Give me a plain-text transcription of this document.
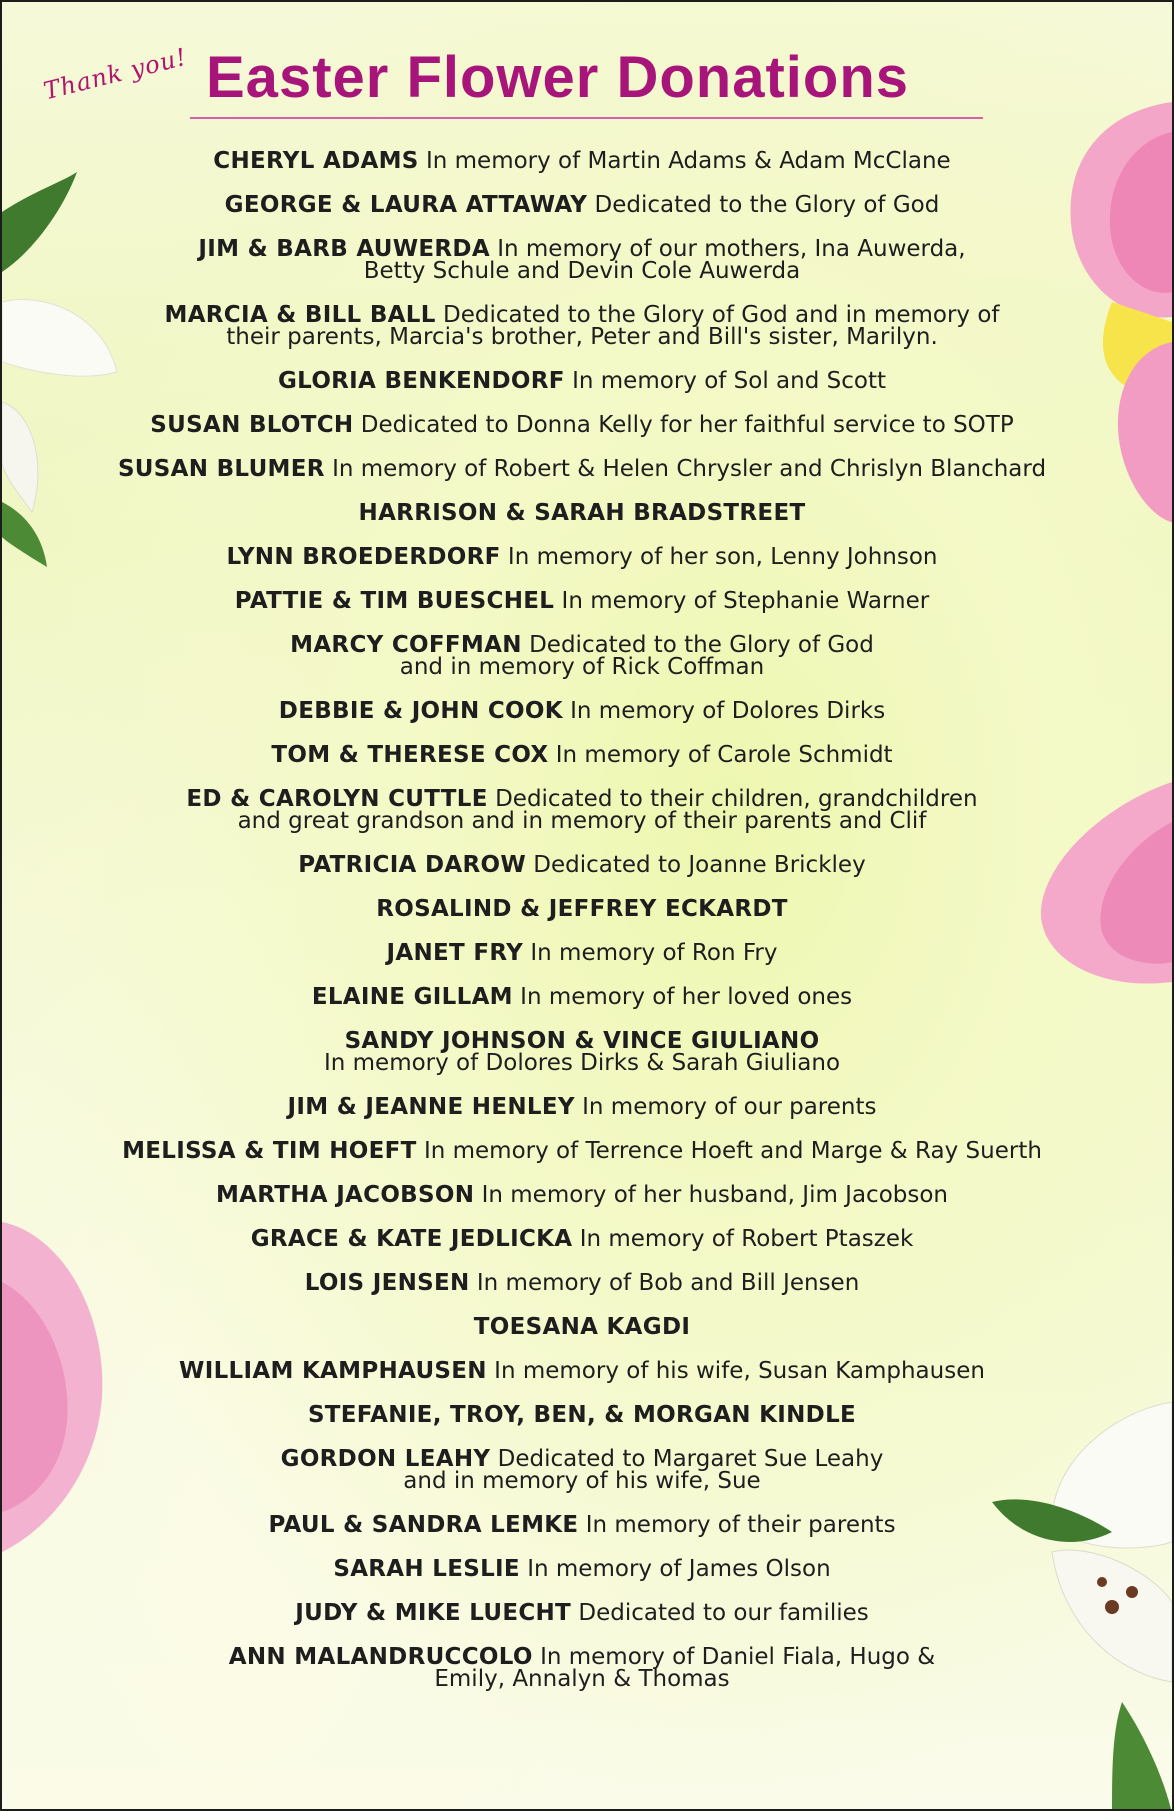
Thank you! Easter Flower Donations
CHERYL ADAMS In memory of Martin Adams & Adam McClane
GEORGE & LAURA ATTAWAY Dedicated to the Glory of God
JIM & BARB AUWERDA In memory of our mothers, Ina Auwerda,
Betty Schule and Devin Cole Auwerda
MARCIA & BILL BALL Dedicated to the Glory of God and in memory of
their parents, Marcia's brother, Peter and Bill's sister, Marilyn.
GLORIA BENKENDORF In memory of Sol and Scott
SUSAN BLOTCH Dedicated to Donna Kelly for her faithful service to SOTP
SUSAN BLUMER In memory of Robert & Helen Chrysler and Chrislyn Blanchard
HARRISON & SARAH BRADSTREET
LYNN BROEDERDORF In memory of her son, Lenny Johnson
PATTIE & TIM BUESCHEL In memory of Stephanie Warner
MARCY COFFMAN Dedicated to the Glory of God
and in memory of Rick Coffman
DEBBIE & JOHN COOK In memory of Dolores Dirks
TOM & THERESE COX In memory of Carole Schmidt
ED & CAROLYN CUTTLE Dedicated to their children, grandchildren
and great grandson and in memory of their parents and Clif
PATRICIA DAROW Dedicated to Joanne Brickley
ROSALIND & JEFFREY ECKARDT
JANET FRY In memory of Ron Fry
ELAINE GILLAM In memory of her loved ones
SANDY JOHNSON & VINCE GIULIANO
In memory of Dolores Dirks & Sarah Giuliano
JIM & JEANNE HENLEY In memory of our parents
MELISSA & TIM HOEFT In memory of Terrence Hoeft and Marge & Ray Suerth
MARTHA JACOBSON In memory of her husband, Jim Jacobson
GRACE & KATE JEDLICKA In memory of Robert Ptaszek
LOIS JENSEN In memory of Bob and Bill Jensen
TOESANA KAGDI
WILLIAM KAMPHAUSEN In memory of his wife, Susan Kamphausen
STEFANIE, TROY, BEN, & MORGAN KINDLE
GORDON LEAHY Dedicated to Margaret Sue Leahy
and in memory of his wife, Sue
PAUL & SANDRA LEMKE In memory of their parents
SARAH LESLIE In memory of James Olson
JUDY & MIKE LUECHT Dedicated to our families
ANN MALANDRUCCOLO In memory of Daniel Fiala, Hugo &
Emily, Annalyn & Thomas
